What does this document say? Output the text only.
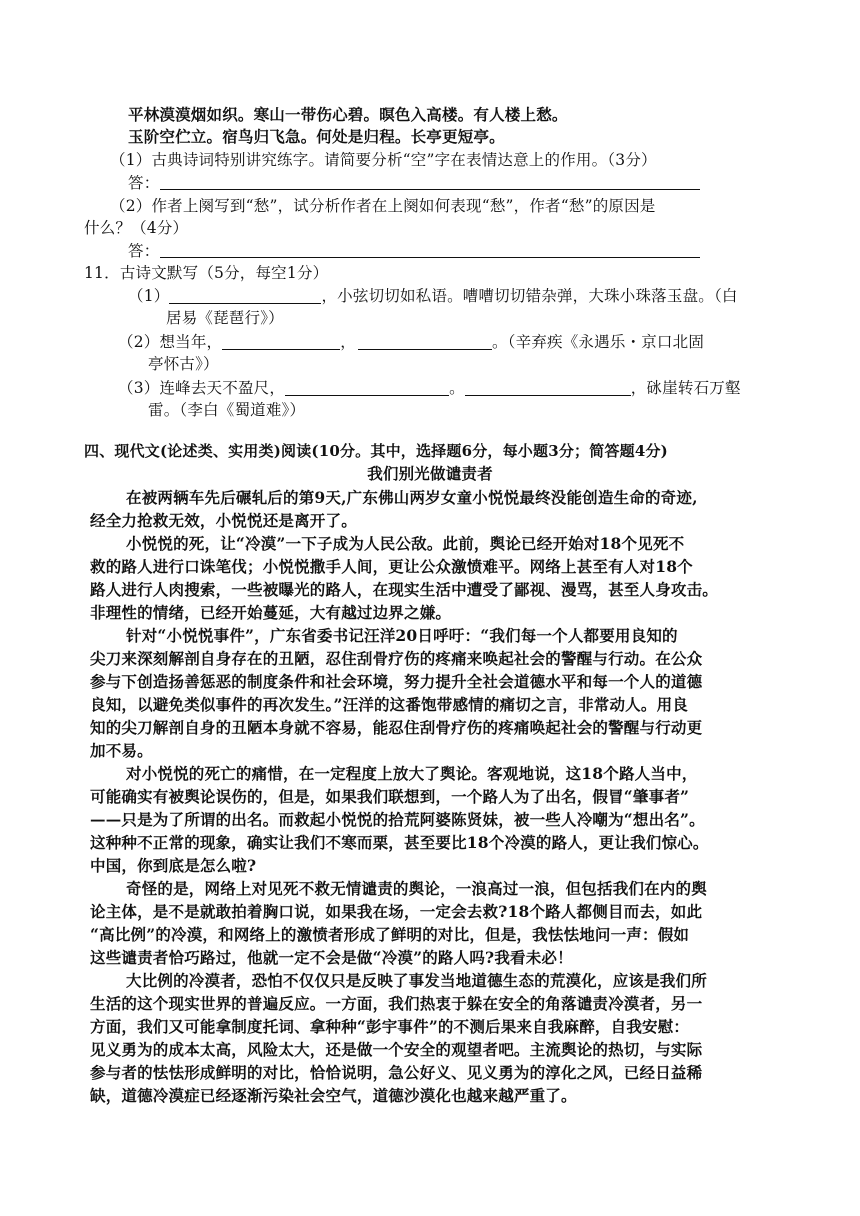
平林漠漠烟如织。寒山一带伤心碧。暝色入高楼。有人楼上愁。
玉阶空伫立。宿鸟归飞急。何处是归程。长亭更短亭。
（1）古典诗词特别讲究练字。请简要分析“空”字在表情达意上的作用。（3分）
答：
（2）作者上阕写到“愁”，试分析作者在上阕如何表现“愁”，作者“愁”的原因是
什么？（4分）
答：
11．古诗文默写（5分，每空1分）
（1）	，小弦切切如私语。嘈嘈切切错杂弹，大珠小珠落玉盘。（白
居易《琵琶行》）
（2）想当年，	，	。（辛弃疾《永遇乐・京口北固
亭怀古》）
（3）连峰去天不盈尺，	。	，砯崖转石万壑
雷。（李白《蜀道难》）
四、现代文(论述类、实用类)阅读(10分。其中，选择题6分，每小题3分；简答题4分)
我们别光做谴责者
在被两辆车先后碾轧后的第9天,广东佛山两岁女童小悦悦最终没能创造生命的奇迹,
经全力抢救无效，小悦悦还是离开了。
小悦悦的死，让“冷漠”一下子成为人民公敌。此前，舆论已经开始对18个见死不
救的路人进行口诛笔伐；小悦悦撒手人间，更让公众激愤难平。网络上甚至有人对18个
路人进行人肉搜索，一些被曝光的路人，在现实生活中遭受了鄙视、漫骂，甚至人身攻击。
非理性的情绪，已经开始蔓延，大有越过边界之嫌。
针对“小悦悦事件”，广东省委书记汪洋20日呼吁：“我们每一个人都要用良知的
尖刀来深刻解剖自身存在的丑陋，忍住刮骨疗伤的疼痛来唤起社会的警醒与行动。在公众
参与下创造扬善惩恶的制度条件和社会环境，努力提升全社会道德水平和每一个人的道德
良知，以避免类似事件的再次发生。”汪洋的这番饱带感情的痛切之言，非常动人。用良
知的尖刀解剖自身的丑陋本身就不容易，能忍住刮骨疗伤的疼痛唤起社会的警醒与行动更
加不易。
对小悦悦的死亡的痛惜，在一定程度上放大了舆论。客观地说，这18个路人当中，
可能确实有被舆论误伤的，但是，如果我们联想到，一个路人为了出名，假冒“肇事者”
——只是为了所谓的出名。而救起小悦悦的拾荒阿婆陈贤妹，被一些人冷嘲为“想出名”。
这种种不正常的现象，确实让我们不寒而栗，甚至要比18个冷漠的路人，更让我们惊心。
中国，你到底是怎么啦?
奇怪的是，网络上对见死不救无情谴责的舆论，一浪高过一浪，但包括我们在内的舆
论主体，是不是就敢拍着胸口说，如果我在场，一定会去救?18个路人都侧目而去，如此
“高比例”的冷漠，和网络上的激愤者形成了鲜明的对比，但是，我怯怯地问一声：假如
这些谴责者恰巧路过，他就一定不会是做“冷漠”的路人吗?我看未必！
大比例的冷漠者，恐怕不仅仅只是反映了事发当地道德生态的荒漠化，应该是我们所
生活的这个现实世界的普遍反应。一方面，我们热衷于躲在安全的角落谴责冷漠者，另一
方面，我们又可能拿制度托词、拿种种“彭宇事件”的不测后果来自我麻醉，自我安慰：
见义勇为的成本太高，风险太大，还是做一个安全的观望者吧。主流舆论的热切，与实际
参与者的怯怯形成鲜明的对比，恰恰说明，急公好义、见义勇为的淳化之风，已经日益稀
缺，道德冷漠症已经逐渐污染社会空气，道德沙漠化也越来越严重了。
